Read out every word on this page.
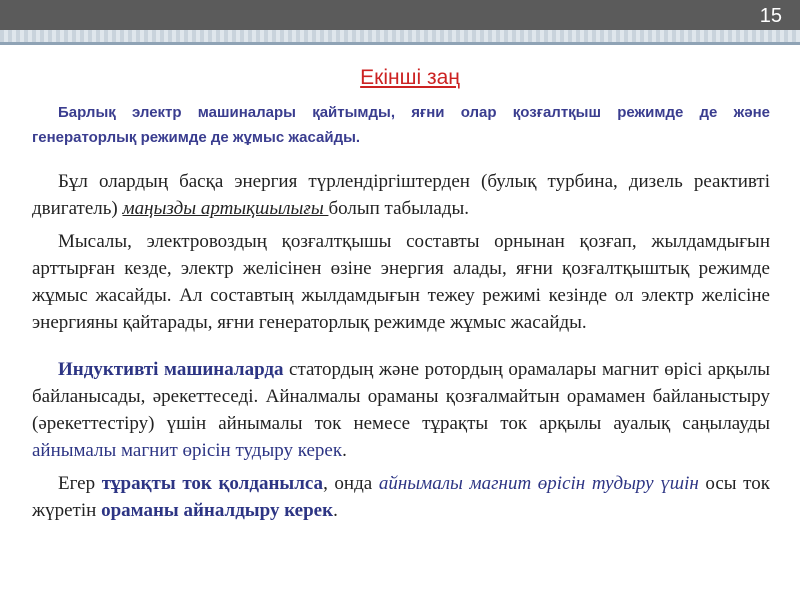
15
Екінші заң

Барлық электр машиналары қайтымды, яғни олар қозғалтқыш режимде де және генераторлық режимде де жұмыс жасайды.

Бұл олардың басқа энергия түрлендіргіштерден (булық турбина, дизель реактивті двигатель) маңызды артықшылығы болып табылады.

Мысалы, электровоздың қозғалтқышы составты орнынан қозғап, жылдамдығын арттырған кезде, электр желісінен өзіне энергия алады, яғни қозғалтқыштық режимде жұмыс жасайды. Ал составтың жылдамдығын тежеу режимі кезінде ол электр желісіне энергияны қайтарады, яғни генераторлық режимде жұмыс жасайды.

Индуктивті машиналарда статордың және ротордың орамалары магнит өрісі арқылы байланысады, әрекеттеседі. Айналмалы ораманы қозғалмайтын орамамен байланыстыру (әрекеттестіру) үшін айнымалы ток немесе тұрақты ток арқылы ауалық саңылауды айнымалы магнит өрісін тудыру керек.

Егер тұрақты ток қолданылса, онда айнымалы магнит өрісін тудыру үшін осы ток жүретін ораманы айналдыру керек.
